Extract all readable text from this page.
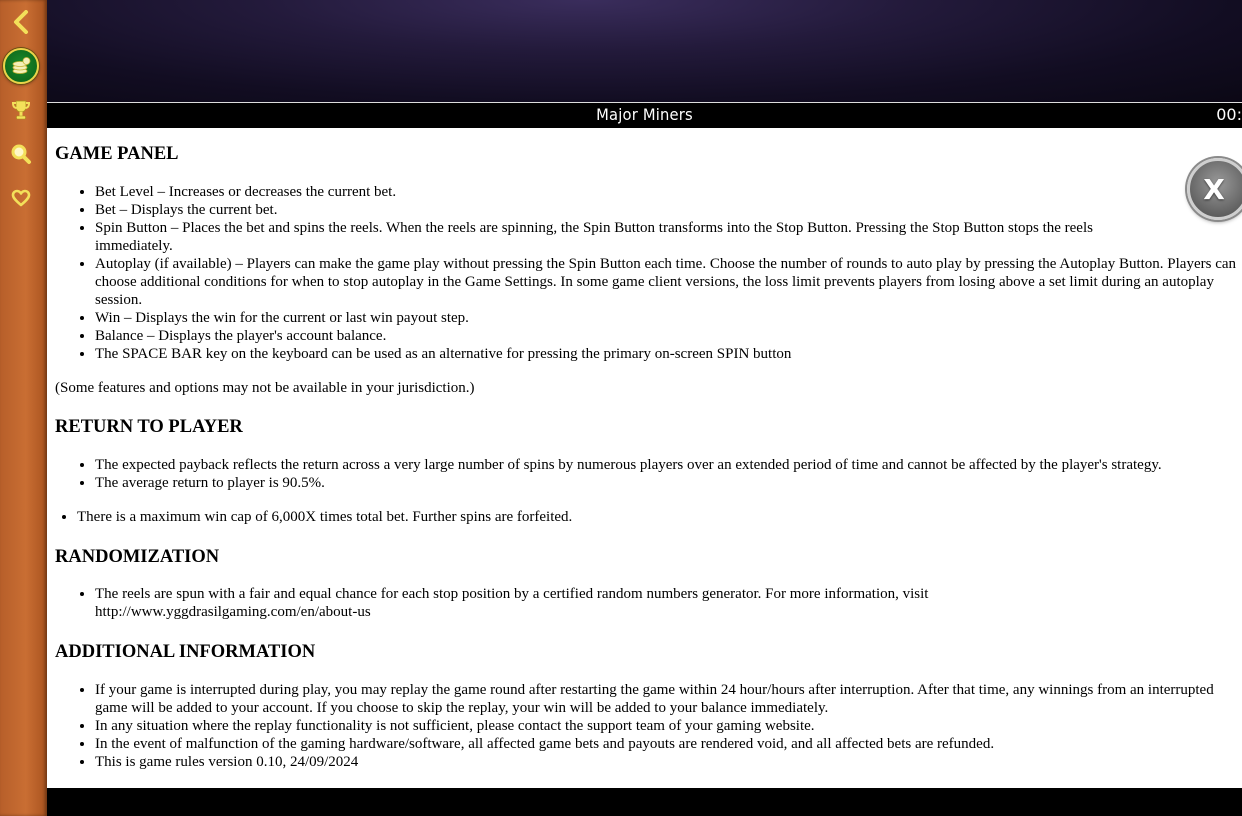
Major Miners	00:
GAME PANEL
• Bet Level – Increases or decreases the current bet.
• Bet – Displays the current bet.
• Spin Button – Places the bet and spins the reels. When the reels are spinning, the Spin Button transforms into the Stop Button. Pressing the Stop Button stops the reels immediately.
• Autoplay (if available) – Players can make the game play without pressing the Spin Button each time. Choose the number of rounds to auto play by pressing the Autoplay Button. Players can choose additional conditions for when to stop autoplay in the Game Settings. In some game client versions, the loss limit prevents players from losing above a set limit during an autoplay session.
• Win – Displays the win for the current or last win payout step.
• Balance – Displays the player's account balance.
• The SPACE BAR key on the keyboard can be used as an alternative for pressing the primary on-screen SPIN button

(Some features and options may not be available in your jurisdiction.)

RETURN TO PLAYER
• The expected payback reflects the return across a very large number of spins by numerous players over an extended period of time and cannot be affected by the player's strategy.
• The average return to player is 90.5%.
• There is a maximum win cap of 6,000X times total bet. Further spins are forfeited.
RANDOMIZATION
• The reels are spun with a fair and equal chance for each stop position by a certified random numbers generator. For more information, visit http://www.yggdrasilgaming.com/en/about-us
ADDITIONAL INFORMATION
• If your game is interrupted during play, you may replay the game round after restarting the game within 24 hour/hours after interruption. After that time, any winnings from an interrupted game will be added to your account. If you choose to skip the replay, your win will be added to your balance immediately.
• In any situation where the replay functionality is not sufficient, please contact the support team of your gaming website.
• In the event of malfunction of the gaming hardware/software, all affected game bets and payouts are rendered void, and all affected bets are refunded.
• This is game rules version 0.10, 24/09/2024
X
